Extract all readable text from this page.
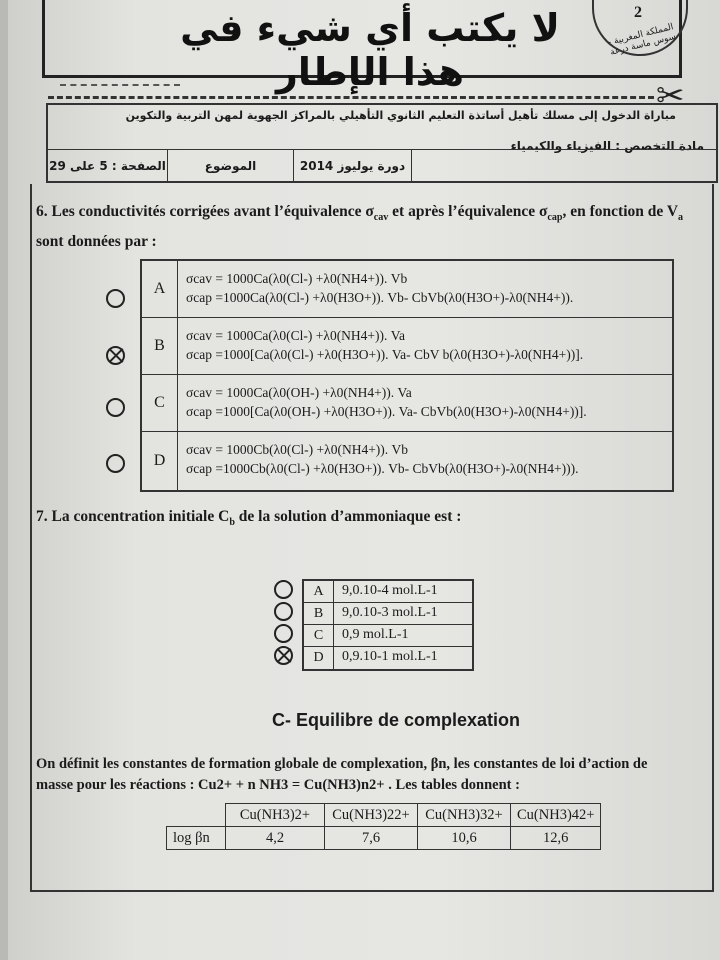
لا يكتب أي شيء في هذا الإطار
2
المملكة المغربية - سوس ماسة درعة
✂
مباراة الدخول إلى مسلك تأهيل أساتذة التعليم الثانوي التأهيلي بالمراكز الجهوية لمهن التربية والتكوين
مادة التخصص : الفيزياء والكيمياء
الصفحة : 5 على 29	الموضوع	دورة يوليوز 2014
6. Les conductivités corrigées avant l’équivalence $\sigma_{cav}$ et après l’équivalence $\sigma_{cap}$, en fonction de $V_a$ sont données par :
A
σcav = 1000Ca(λ0(Cl-) +λ0(NH4+)). Vb
σcap =1000Ca(λ0(Cl-) +λ0(H3O+)). Vb- CbVb(λ0(H3O+)-λ0(NH4+)).
B
σcav = 1000Ca(λ0(Cl-) +λ0(NH4+)). Va
σcap =1000[Ca(λ0(Cl-) +λ0(H3O+)). Va- CbV b(λ0(H3O+)-λ0(NH4+))].
C
σcav = 1000Ca(λ0(OH-) +λ0(NH4+)). Va
σcap =1000[Ca(λ0(OH-) +λ0(H3O+)). Va- CbVb(λ0(H3O+)-λ0(NH4+))].
D
σcav = 1000Cb(λ0(Cl-) +λ0(NH4+)). Vb
σcap =1000Cb(λ0(Cl-) +λ0(H3O+)). Vb- CbVb(λ0(H3O+)-λ0(NH4+))).
7. La concentration initiale $C_b$ de la solution d’ammoniaque est :
A	9,0.10-4 mol.L-1
B	9,0.10-3 mol.L-1
C	0,9 mol.L-1
D	0,9.10-1 mol.L-1
C- Equilibre de complexation
On définit les constantes de formation globale de complexation, βn, les constantes de loi d’action de
masse pour les réactions : Cu2+ + n NH3 = Cu(NH3)n2+ . Les tables donnent :
	Cu(NH3)2+	Cu(NH3)22+	Cu(NH3)32+	Cu(NH3)42+
log βn	4,2	7,6	10,6	12,6
